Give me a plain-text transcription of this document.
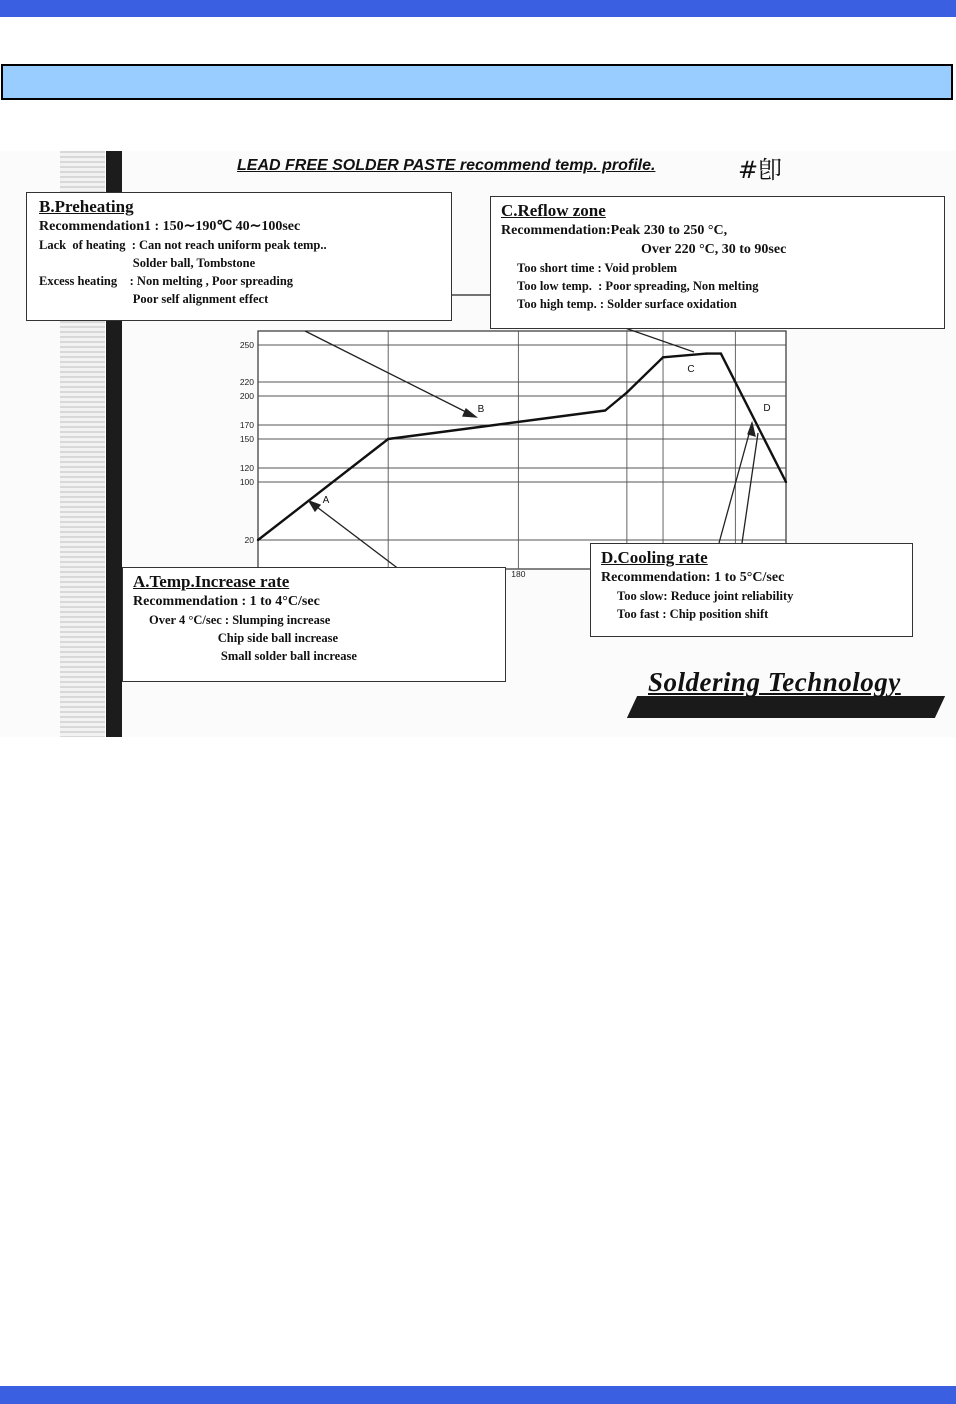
LEAD FREE SOLDER PASTE recommend temp. profile.	#卽
20
100
120
150
170
200
220
250
180
A
B
C
D
B.Preheating
Recommendation1 : 150∼190℃ 40∼100sec
Lack  of heating  : Can not reach uniform peak temp..
Solder ball, Tombstone
Excess heating    : Non melting , Poor spreading
Poor self alignment effect
C.Reflow zone
Recommendation:Peak 230 to 250 °C,
Over 220 °C, 30 to 90sec
Too short time : Void problem
Too low temp.  : Poor spreading, Non melting
Too high temp. : Solder surface oxidation
A.Temp.Increase rate
Recommendation : 1 to 4°C/sec
Over 4 °C/sec : Slumping increase
Chip side ball increase
Small solder ball increase
D.Cooling rate
Recommendation: 1 to 5°C/sec
Too slow: Reduce joint reliability
Too fast : Chip position shift
Soldering Technology
